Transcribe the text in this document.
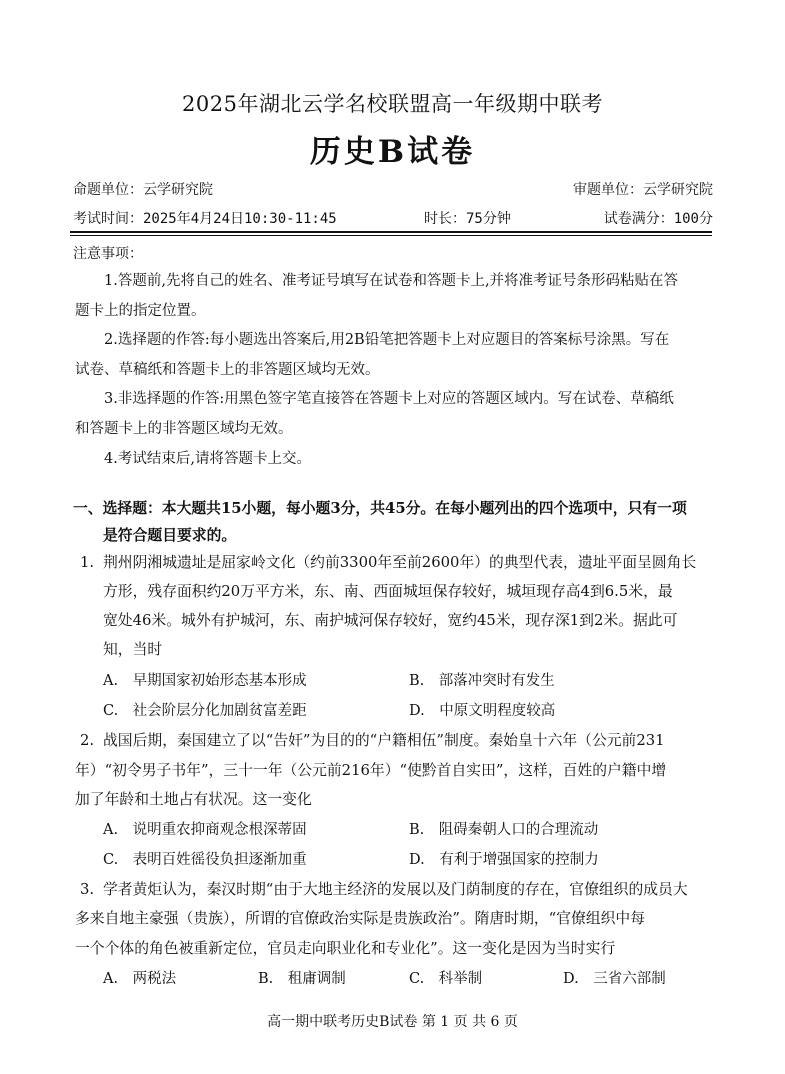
2025年湖北云学名校联盟高一年级期中联考
历史B试卷
命题单位：云学研究院	审题单位：云学研究院
考试时间：2025年4月24日10:30-11:45	时长：75分钟	试卷满分：100分
注意事项：
1.答题前,先将自己的姓名、准考证号填写在试卷和答题卡上,并将准考证号条形码粘贴在答
题卡上的指定位置。
2.选择题的作答:每小题选出答案后,用2B铅笔把答题卡上对应题目的答案标号涂黑。写在
试卷、草稿纸和答题卡上的非答题区域均无效。
3.非选择题的作答:用黑色签字笔直接答在答题卡上对应的答题区域内。写在试卷、草稿纸
和答题卡上的非答题区域均无效。
4.考试结束后,请将答题卡上交。
一、选择题：本大题共15小题，每小题3分，共45分。在每小题列出的四个选项中，只有一项
是符合题目要求的。
1. 荆州阴湘城遗址是屈家岭文化（约前3300年至前2600年）的典型代表，遗址平面呈圆角长
方形，残存面积约20万平方米，东、南、西面城垣保存较好，城垣现存高4到6.5米，最
宽处46米。城外有护城河，东、南护城河保存较好，宽约45米，现存深1到2米。据此可
知，当时
A.　早期国家初始形态基本形成	B.　部落冲突时有发生
C.　社会阶层分化加剧贫富差距	D.　中原文明程度较高
2. 战国后期，秦国建立了以“告奸”为目的的“户籍相伍”制度。秦始皇十六年（公元前231
年）“初令男子书年”，三十一年（公元前216年）“使黔首自实田”，这样，百姓的户籍中增
加了年龄和土地占有状况。这一变化
A.　说明重农抑商观念根深蒂固	B.　阻碍秦朝人口的合理流动
C.　表明百姓徭役负担逐渐加重	D.　有利于增强国家的控制力
3. 学者黄炬认为，秦汉时期“由于大地主经济的发展以及门荫制度的存在，官僚组织的成员大
多来自地主豪强（贵族），所谓的官僚政治实际是贵族政治”。隋唐时期，“官僚组织中每
一个个体的角色被重新定位，官员走向职业化和专业化”。这一变化是因为当时实行
A.　两税法	B.　租庸调制	C.　科举制	D.　三省六部制
高一期中联考历史B试卷 第 1 页 共 6 页
